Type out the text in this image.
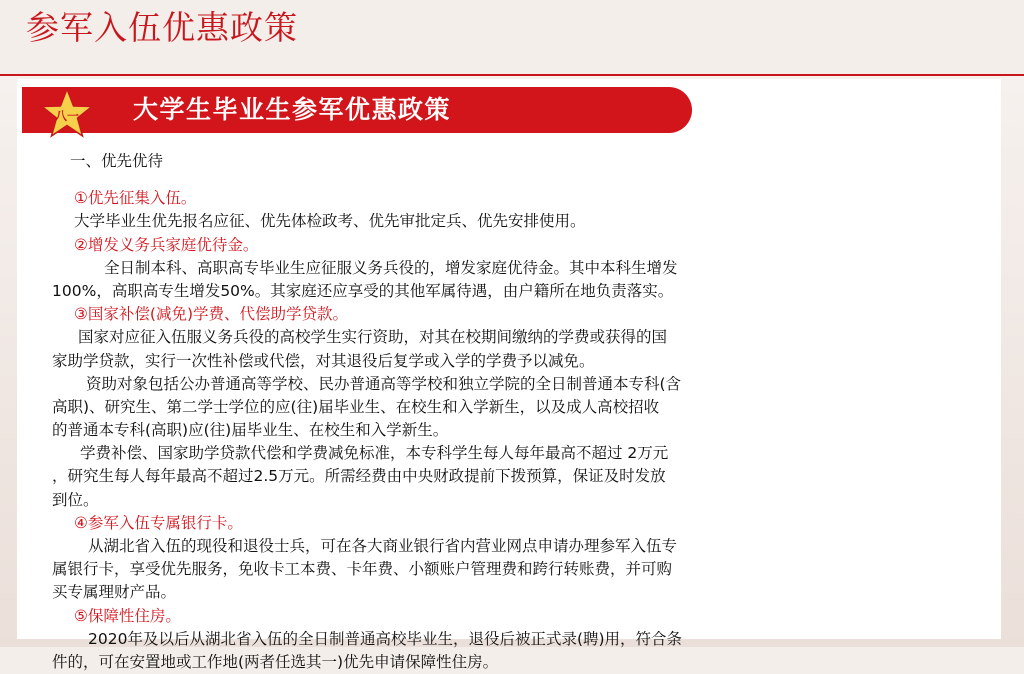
参军入伍优惠政策
八一 大学生毕业生参军优惠政策
一、优先优待
①优先征集入伍。
大学毕业生优先报名应征、优先体检政考、优先审批定兵、优先安排使用。
②增发义务兵家庭优待金。
全日制本科、高职高专毕业生应征服义务兵役的，增发家庭优待金。其中本科生增发
100%，高职高专生增发50%。其家庭还应享受的其他军属待遇，由户籍所在地负责落实。
③国家补偿(减免)学费、代偿助学贷款。
国家对应征入伍服义务兵役的高校学生实行资助，对其在校期间缴纳的学费或获得的国
家助学贷款，实行一次性补偿或代偿，对其退役后复学或入学的学费予以减免。
资助对象包括公办普通高等学校、民办普通高等学校和独立学院的全日制普通本专科(含
高职)、研究生、第二学士学位的应(往)届毕业生、在校生和入学新生，以及成人高校招收
的普通本专科(高职)应(往)届毕业生、在校生和入学新生。
学费补偿、国家助学贷款代偿和学费减免标准，本专科学生每人每年最高不超过 2万元
，研究生每人每年最高不超过2.5万元。所需经费由中央财政提前下拨预算，保证及时发放
到位。
④参军入伍专属银行卡。
从湖北省入伍的现役和退役士兵，可在各大商业银行省内营业网点申请办理参军入伍专
属银行卡，享受优先服务，免收卡工本费、卡年费、小额账户管理费和跨行转账费，并可购
买专属理财产品。
⑤保障性住房。
2020年及以后从湖北省入伍的全日制普通高校毕业生，退役后被正式录(聘)用，符合条
件的，可在安置地或工作地(两者任选其一)优先申请保障性住房。
